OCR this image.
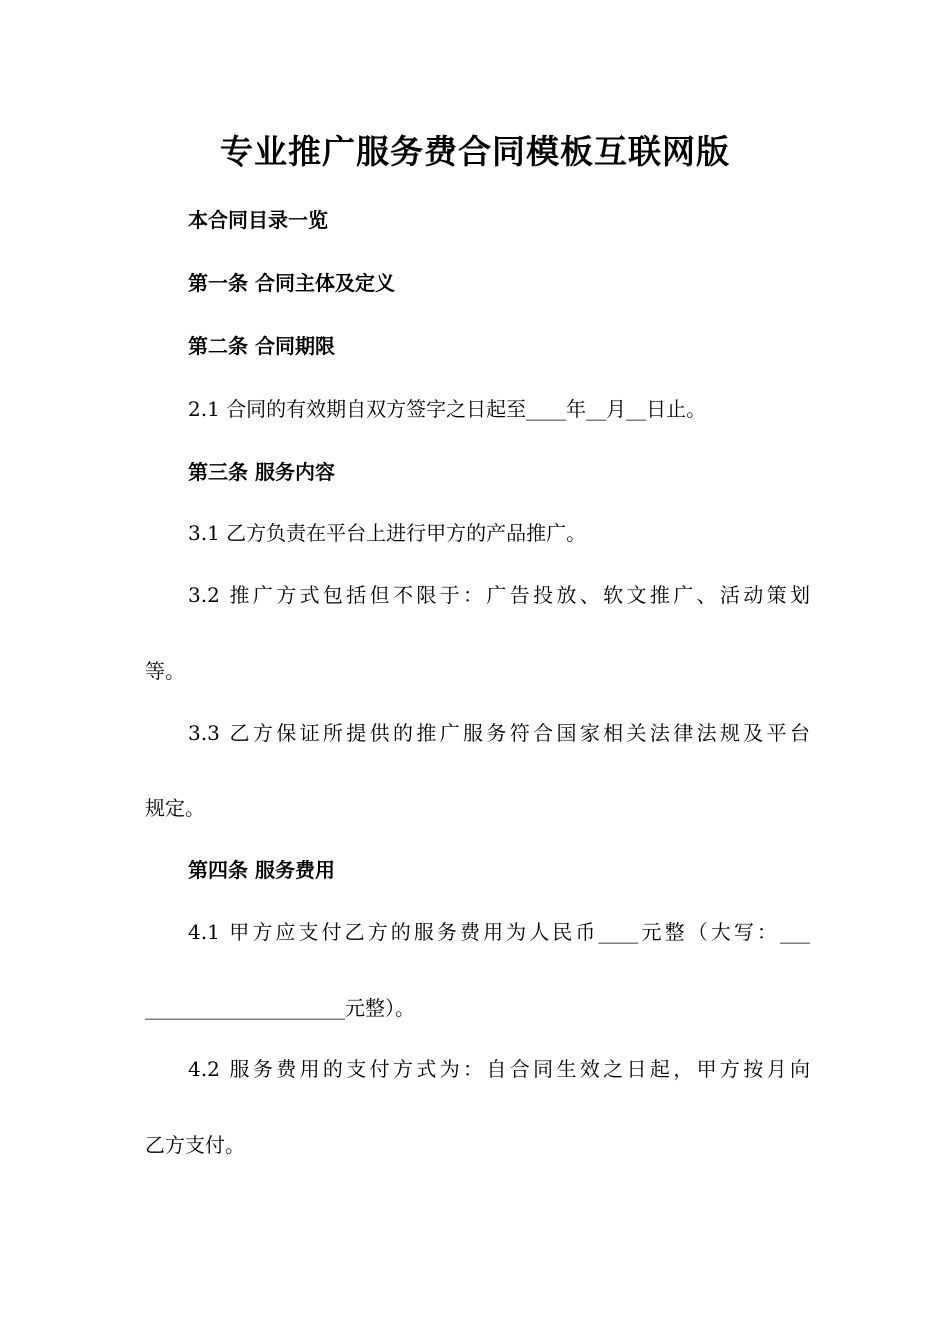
专业推广服务费合同模板互联网版

本合同目录一览

第一条 合同主体及定义

第二条 合同期限

2.1 合同的有效期自双方签字之日起至____年__月__日止。

第三条 服务内容

3.1 乙方负责在平台上进行甲方的产品推广。

3.2 推广方式包括但不限于：广告投放、软文推广、活动策划

等。

3.3 乙方保证所提供的推广服务符合国家相关法律法规及平台

规定。

第四条 服务费用

4.1 甲方应支付乙方的服务费用为人民币____元整（大写：___

____________________元整）。

4.2 服务费用的支付方式为：自合同生效之日起，甲方按月向

乙方支付。
